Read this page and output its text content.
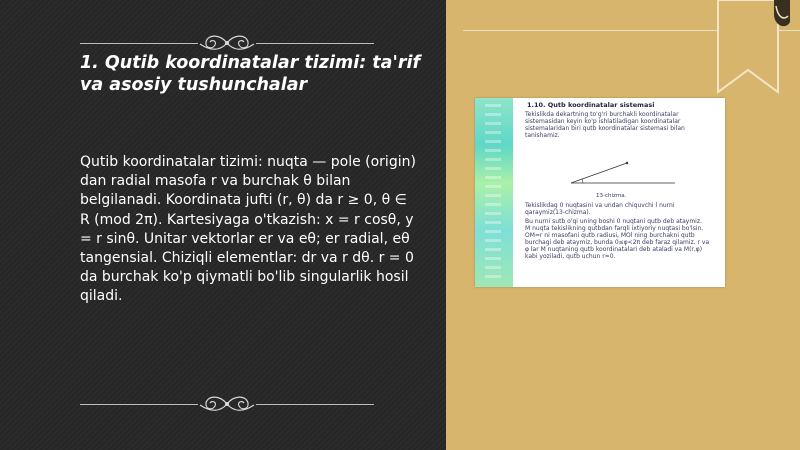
1. Qutib koordinatalar tizimi: ta'rif va asosiy tushunchalar

Qutib koordinatalar tizimi: nuqta — pole (origin) dan radial masofa r va burchak θ bilan belgilanadi. Koordinata jufti (r, θ) da r ≥ 0, θ ∈ R (mod 2π). Kartesiyaga o'tkazish: x = r cosθ, y = r sinθ. Unitar vektorlar er va eθ; er radial, eθ tangensial. Chiziqli elementlar: dr va r dθ. r = 0 da burchak ko'p qiymatli bo'lib singularlik hosil qiladi.

1.10. Qutb koordinatalar sistemasi

Tekislikda dekartning to'g'ri burchakli koordinatalar

sistemasidan keyin ko'p ishlatiladigan koordinatalar

sistemalaridan biri qutb koordinatalar sistemasi bilan

tanishamiz.

13-chizma.

Tekislikdag 0 nuqtasini va undan chiquvchi l nurni

qaraymiz(13-chizma).

Bu nurni sutb o'qi uning boshi 0 nuqtani qutb deb ataymiz.

M nuqta tekislikning qutbdan farqli ixtiyoriy nuqtasi bo'lsin.

OM=r ni masofani qutb radiusi, MOl ning burchakni qutb

burchagi deb ataymiz, bunda 0≤φ<2π deb faraz qilamiz. r va

φ lar M nuqtaning qutb koordinatalari deb ataladi va M(r,φ)

kabi yoziladi, qutb uchun r=0.
